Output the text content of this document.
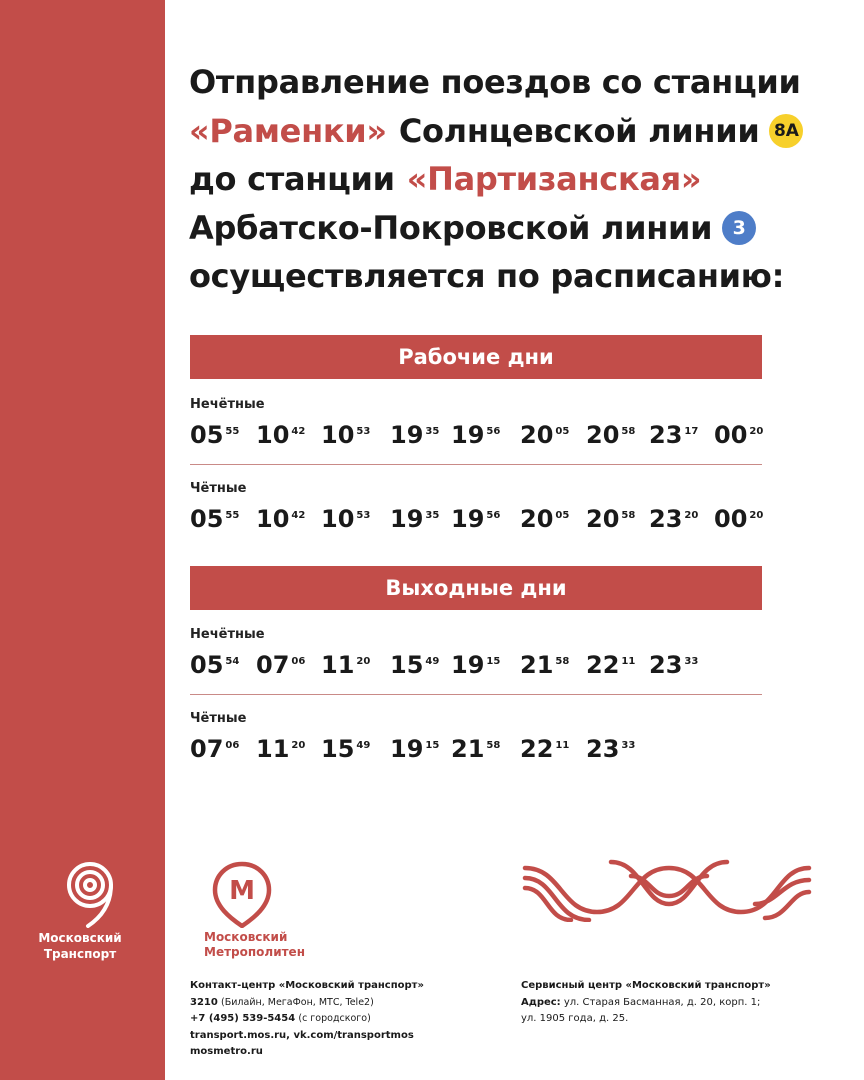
Отправление поездов со станции
«Раменки» Солнцевской линии 8А
до станции «Партизанская»
Арбатско-Покровской линии	3
осуществляется по расписанию:
Рабочие дни
Нечётные
05 $^{55}$ 10 $^{42}$ 10 $^{53}$ 19 $^{35}$ 19 $^{56}$ 20 $^{05}$ 20 $^{58}$ 23 $^{17}$ 00 $^{20}$
Чётные
05 $^{55}$ 10 $^{42}$ 10 $^{53}$ 19 $^{35}$ 19 $^{56}$ 20 $^{05}$ 20 $^{58}$ 23 $^{20}$ 00 $^{20}$
Выходные дни
Нечётные
05 $^{54}$ 07 $^{06}$ 11 $^{20}$ 15 $^{49}$ 19 $^{15}$ 21 $^{58}$ 22 $^{11}$ 23 $^{33}$
Чётные
07 $^{06}$ 11 $^{20}$ 15 $^{49}$ 19 $^{15}$ 21 $^{58}$ 22 $^{11}$ 23 $^{33}$
Московский
Транспорт
М
Московский
Метрополитен
Контакт-центр «Московский транспорт»
3210 (Билайн, МегаФон, МТС, Tele2)
+7 (495) 539-5454 (с городского)
transport.mos.ru, vk.com/transportmos
mosmetro.ru
Сервисный центр «Московский транспорт»
Адрес: ул. Старая Басманная, д. 20, корп. 1;
ул. 1905 года, д. 25.
